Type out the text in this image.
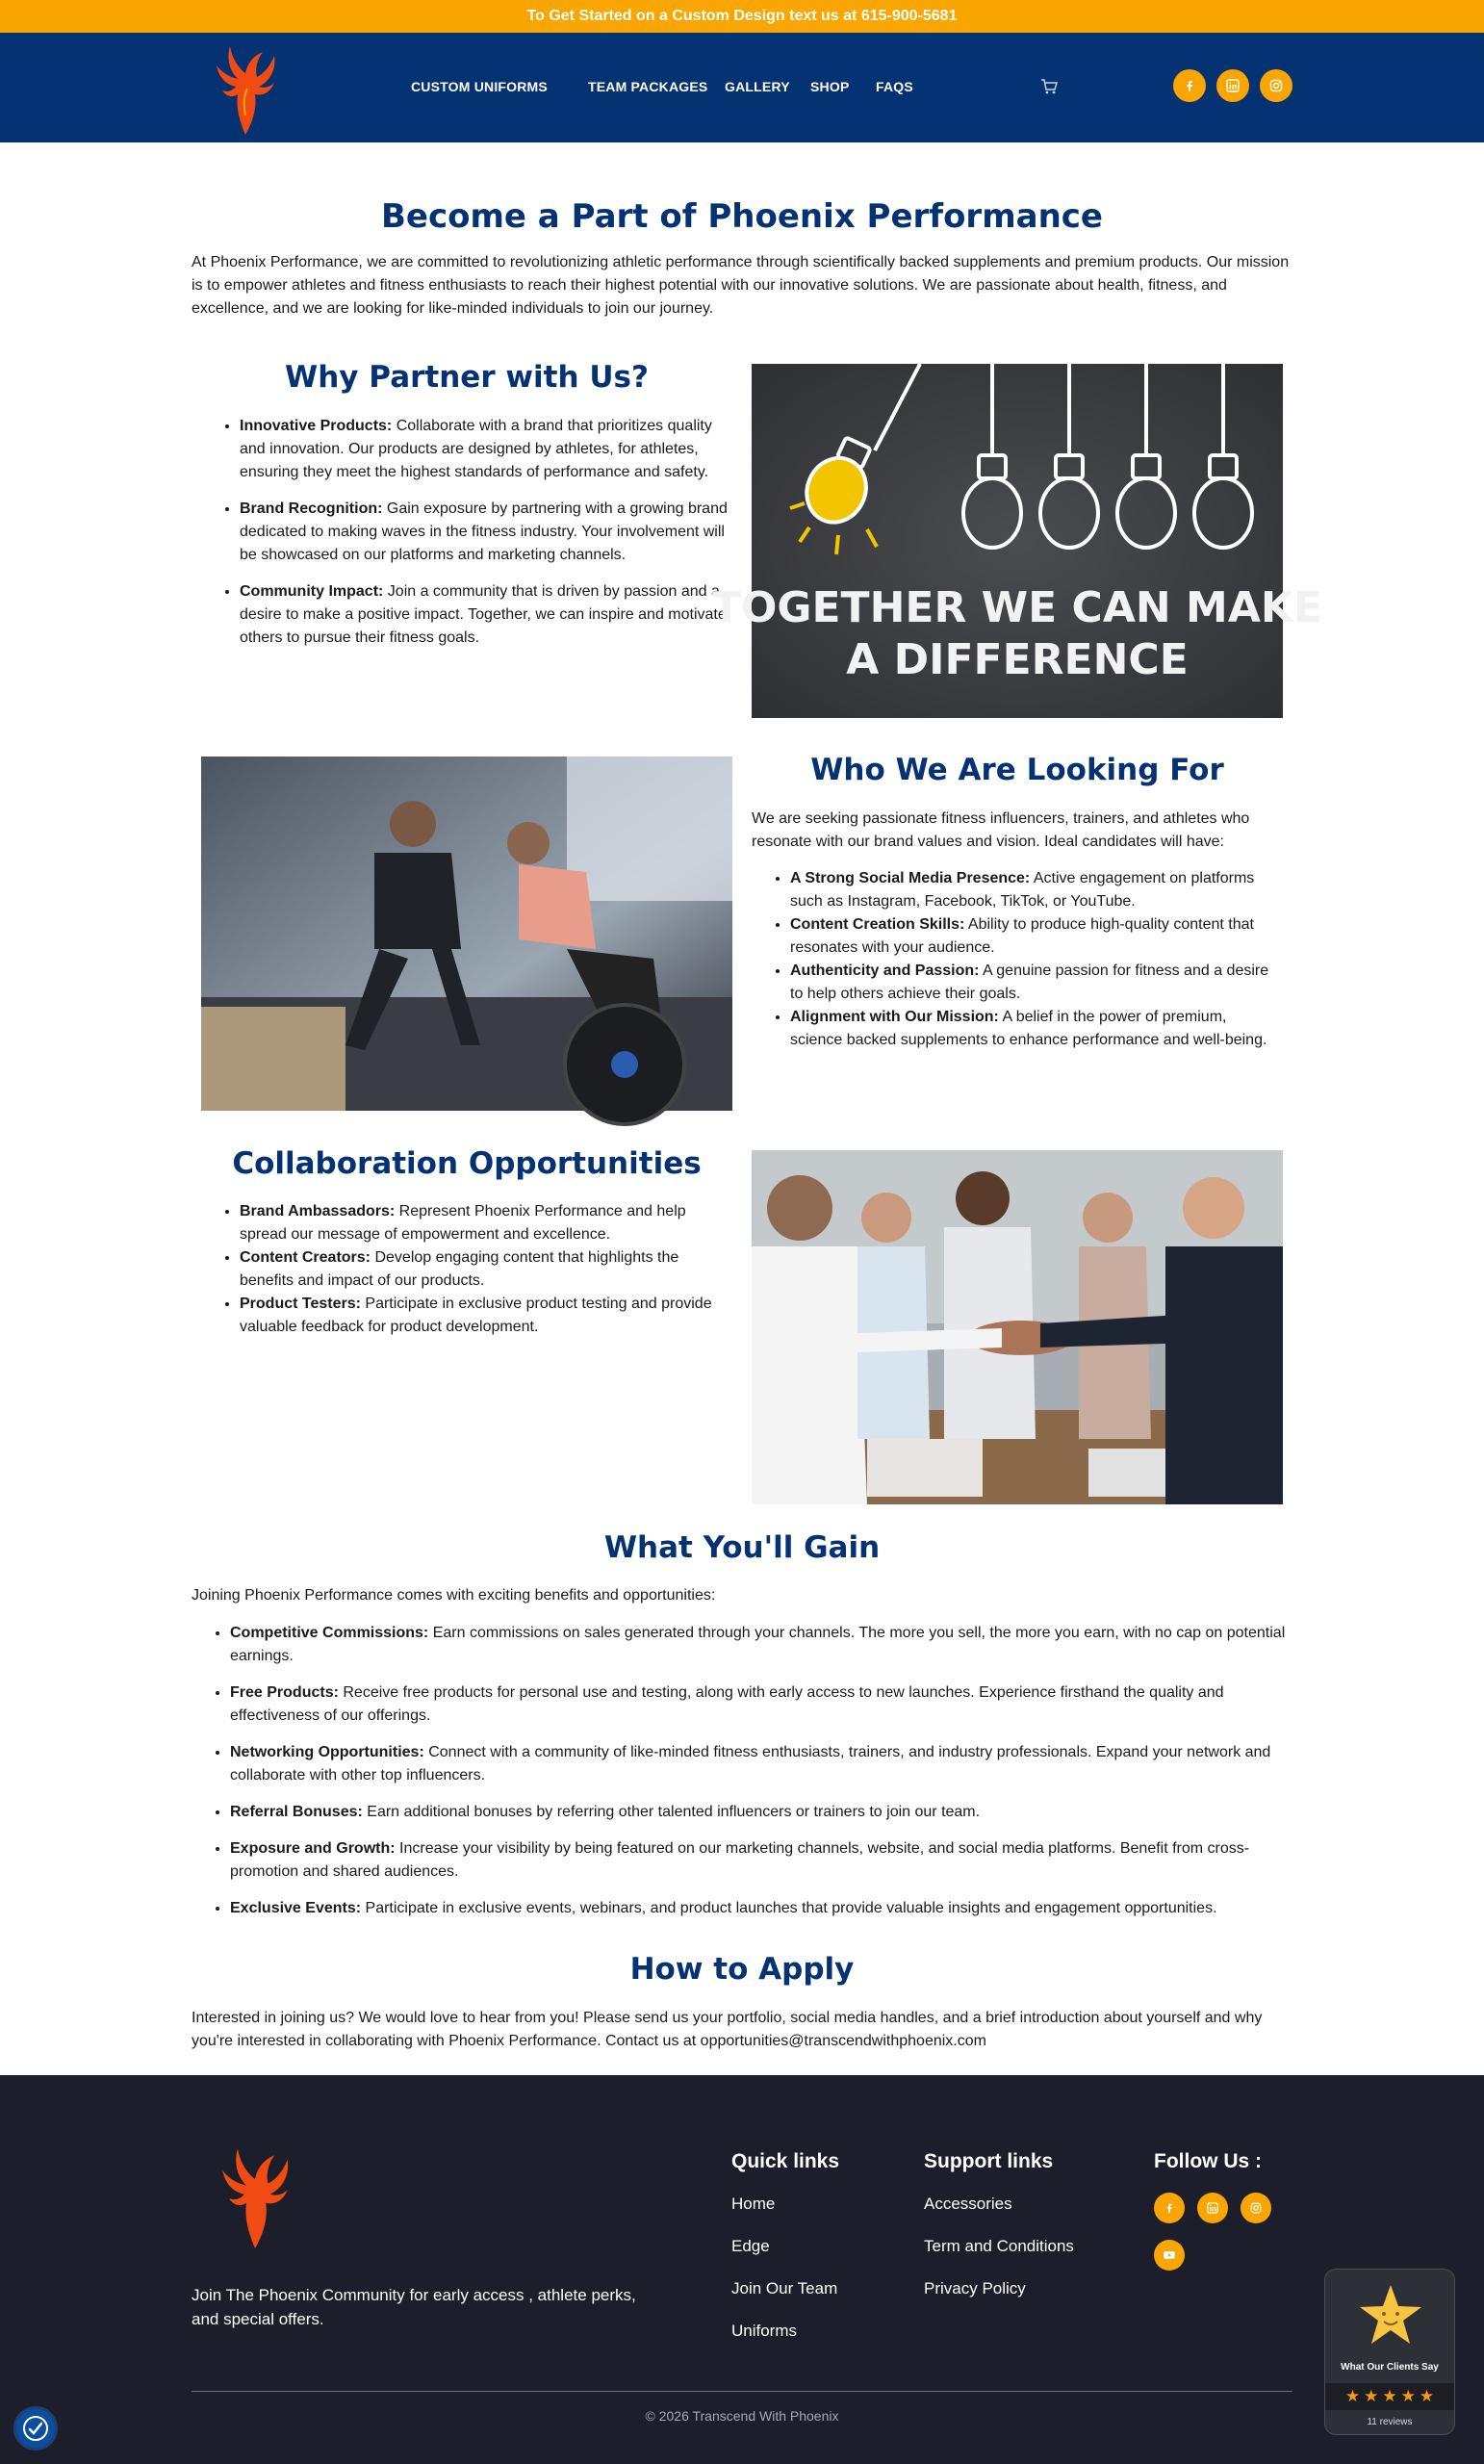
To Get Started on a Custom Design text us at 615-900-5681
CUSTOM UNIFORMS	TEAM PACKAGES GALLERY SHOP FAQS
Become a Part of Phoenix Performance

At Phoenix Performance, we are committed to revolutionizing athletic performance through scientifically backed supplements and premium products. Our mission is to empower athletes and fitness enthusiasts to reach their highest potential with our innovative solutions. We are passionate about health, fitness, and excellence, and we are looking for like-minded individuals to join our journey.

Why Partner with Us?
• Innovative Products: Collaborate with a brand that prioritizes quality and innovation. Our products are designed by athletes, for athletes, ensuring they meet the highest standards of performance and safety.
• Brand Recognition: Gain exposure by partnering with a growing brand dedicated to making waves in the fitness industry. Your involvement will be showcased on our platforms and marketing channels.
• Community Impact: Join a community that is driven by passion and a desire to make a positive impact. Together, we can inspire and motivate others to pursue their fitness goals.
TOGETHER WE CAN MAKE
A DIFFERENCE
Who We Are Looking For

We are seeking passionate fitness influencers, trainers, and athletes who resonate with our brand values and vision. Ideal candidates will have:

• A Strong Social Media Presence: Active engagement on platforms such as Instagram, Facebook, TikTok, or YouTube.
• Content Creation Skills: Ability to produce high-quality content that resonates with your audience.
• Authenticity and Passion: A genuine passion for fitness and a desire to help others achieve their goals.
• Alignment with Our Mission: A belief in the power of premium, science backed supplements to enhance performance and well-being.
Collaboration Opportunities
• Brand Ambassadors: Represent Phoenix Performance and help spread our message of empowerment and excellence.
• Content Creators: Develop engaging content that highlights the benefits and impact of our products.
• Product Testers: Participate in exclusive product testing and provide valuable feedback for product development.
What You'll Gain

Joining Phoenix Performance comes with exciting benefits and opportunities:

• Competitive Commissions: Earn commissions on sales generated through your channels. The more you sell, the more you earn, with no cap on potential earnings.
• Free Products: Receive free products for personal use and testing, along with early access to new launches. Experience firsthand the quality and effectiveness of our offerings.
• Networking Opportunities: Connect with a community of like-minded fitness enthusiasts, trainers, and industry professionals. Expand your network and collaborate with other top influencers.
• Referral Bonuses: Earn additional bonuses by referring other talented influencers or trainers to join our team.
• Exposure and Growth: Increase your visibility by being featured on our marketing channels, website, and social media platforms. Benefit from cross-promotion and shared audiences.
• Exclusive Events: Participate in exclusive events, webinars, and product launches that provide valuable insights and engagement opportunities.
How to Apply

Interested in joining us? We would love to hear from you! Please send us your portfolio, social media handles, and a brief introduction about yourself and why you're interested in collaborating with Phoenix Performance. Contact us at opportunities@transcendwithphoenix.com

Join The Phoenix Community for early access , athlete perks, and special offers.

Quick links
Home
Edge
Join Our Team
Uniforms
Support links
Accessories
Term and Conditions
Privacy Policy
Follow Us :
© 2026 Transcend With Phoenix
What Our Clients Say
★ ★ ★ ★ ★
11 reviews
